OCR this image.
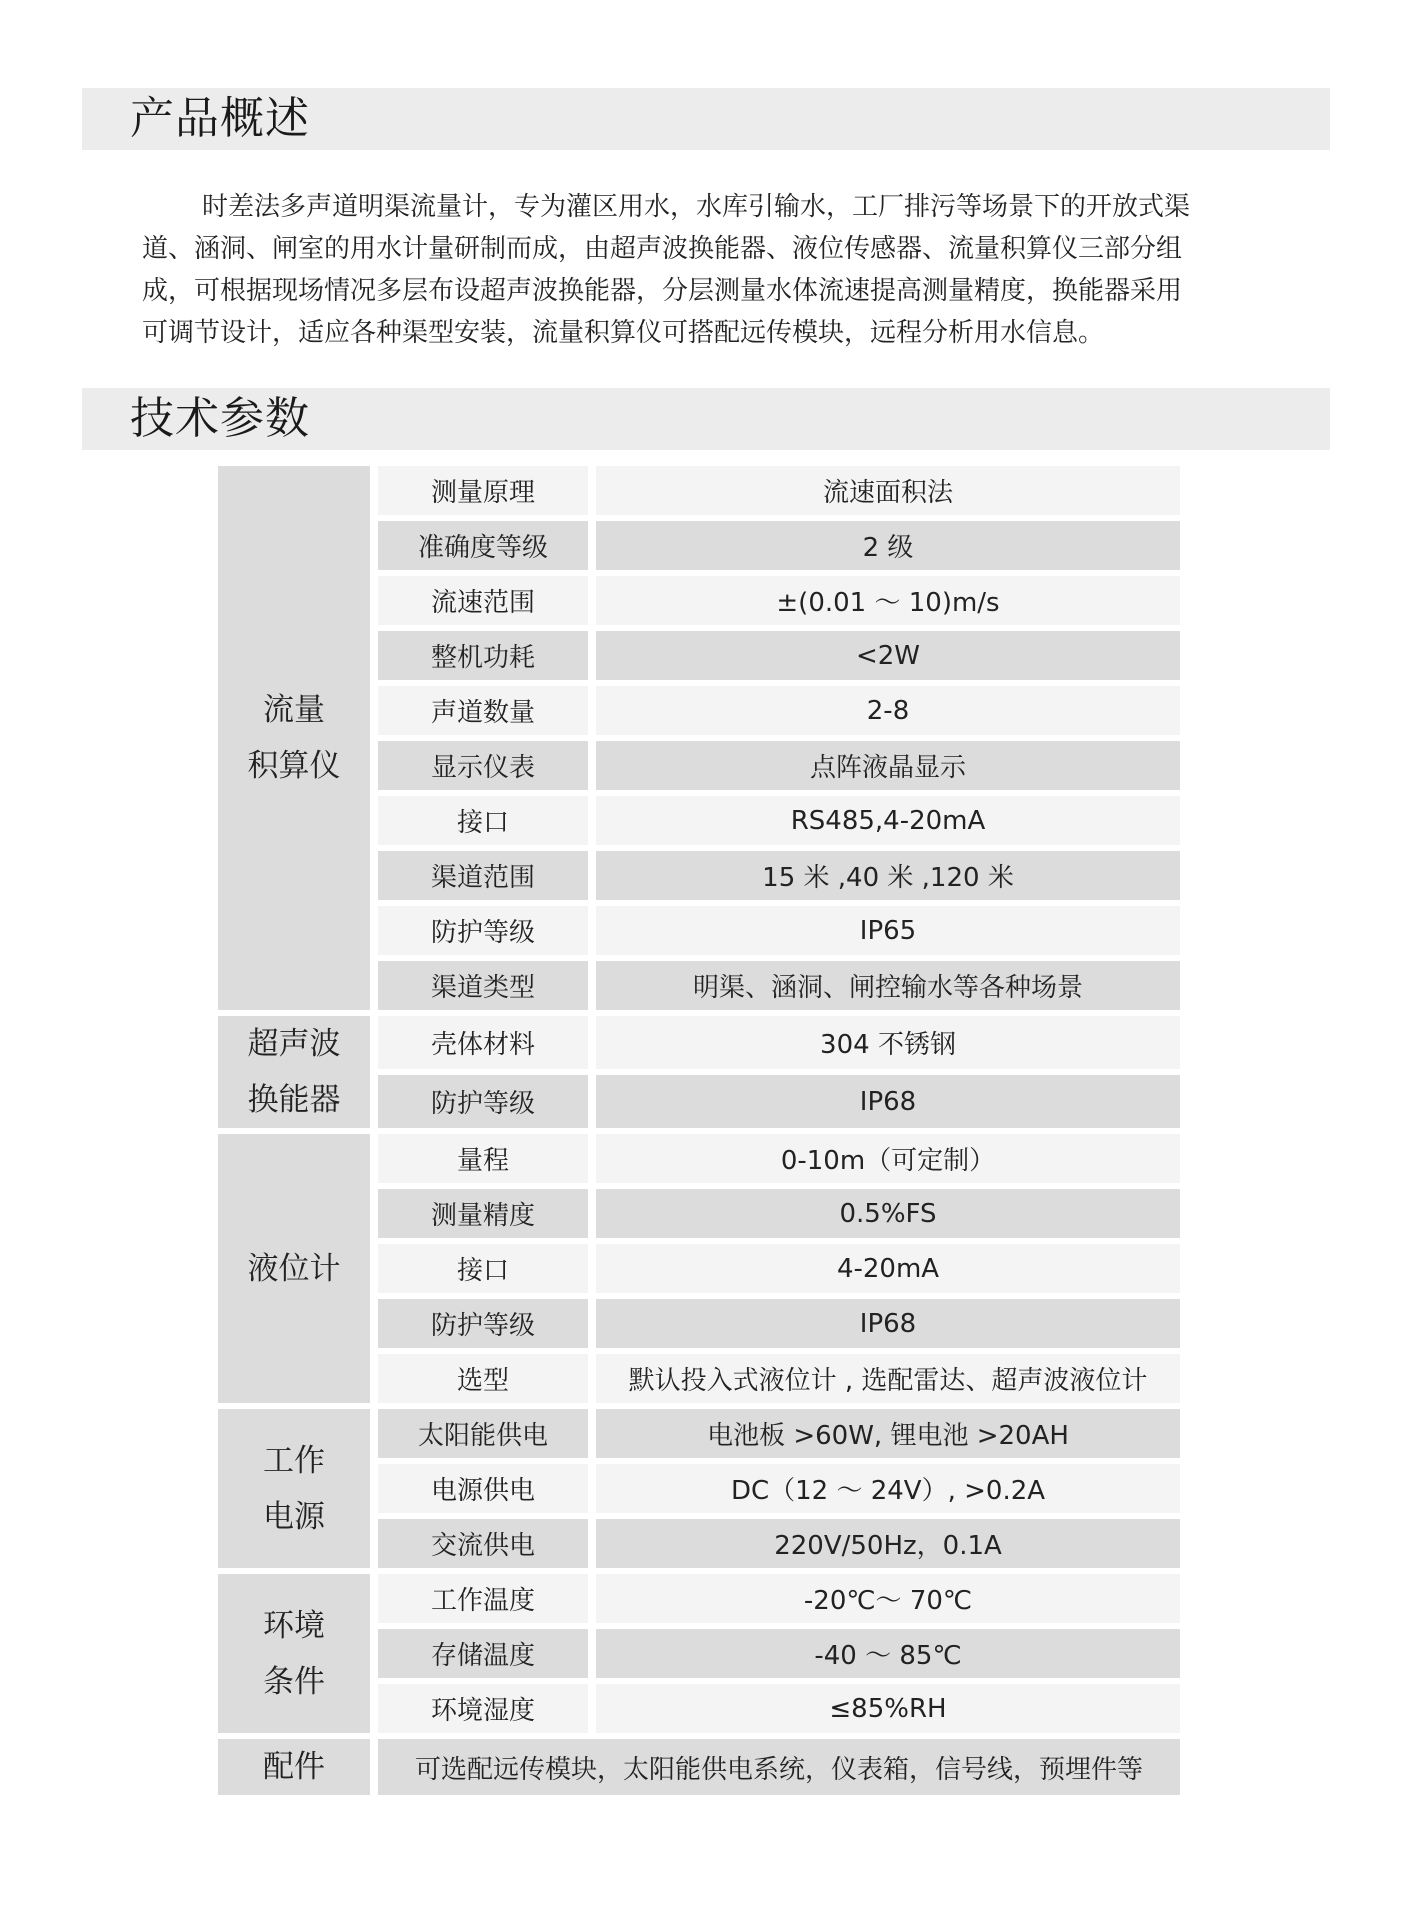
产品概述

时差法多声道明渠流量计，专为灌区用水，水库引输水，工厂排污等场景下的开放式渠
道、涵洞、闸室的用水计量研制而成，由超声波换能器、液位传感器、流量积算仪三部分组
成，可根据现场情况多层布设超声波换能器，分层测量水体流速提高测量精度，换能器采用
可调节设计，适应各种渠型安装，流量积算仪可搭配远传模块，远程分析用水信息。

技术参数
流量
积算仪	测量原理	流速面积法
	准确度等级	2 级
	流速范围	±(0.01 ～ 10)m/s
	整机功耗	<2W
	声道数量	2-8
	显示仪表	点阵液晶显示
	接口	RS485,4-20mA
	渠道范围	15 米 ,40 米 ,120 米
	防护等级	IP65
	渠道类型	明渠、涵洞、闸控输水等各种场景
超声波
换能器	壳体材料	304 不锈钢
	防护等级	IP68
液位计	量程	0-10m（可定制）
	测量精度	0.5%FS
	接口	4-20mA
	防护等级	IP68
	选型	默认投入式液位计 , 选配雷达、超声波液位计
工作
电源	太阳能供电	电池板 >60W, 锂电池 >20AH
	电源供电	DC（12 ～ 24V）, >0.2A
	交流供电	220V/50Hz，0.1A
环境
条件	工作温度	-20℃～ 70℃
	存储温度	-40 ～ 85℃
	环境湿度	≤85%RH
配件	可选配远传模块，太阳能供电系统，仪表箱，信号线，预埋件等	
